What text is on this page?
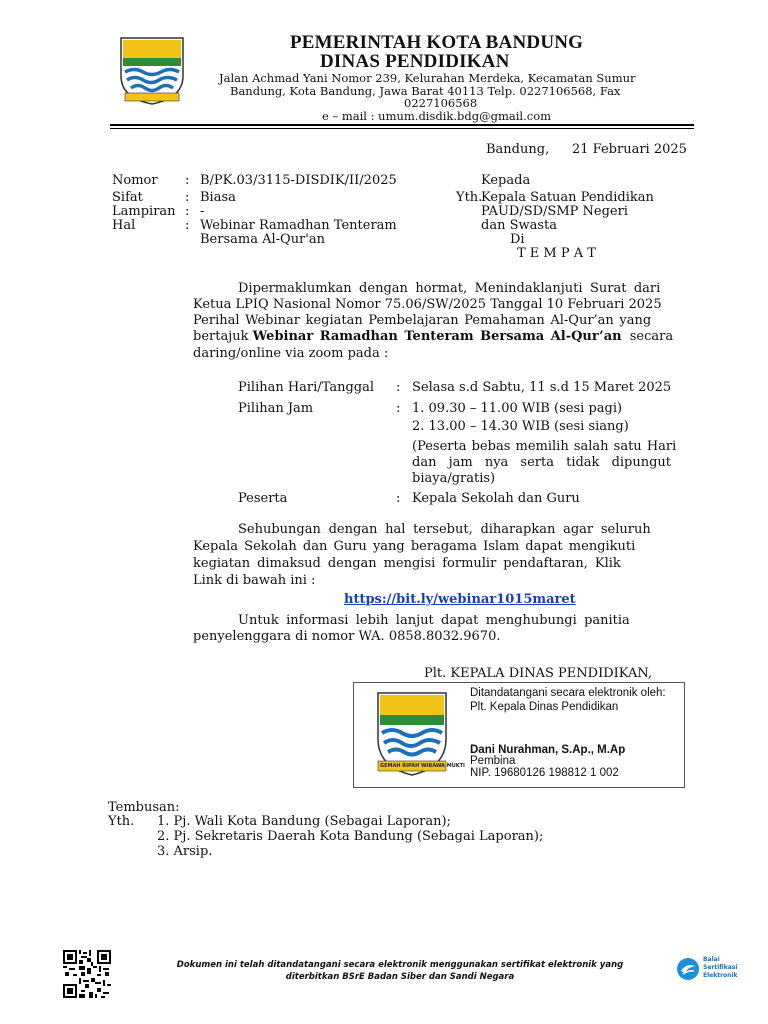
PEMERINTAH KOTA BANDUNG
DINAS PENDIDIKAN
Jalan Achmad Yani Nomor 239, Kelurahan Merdeka, Kecamatan Sumur
Bandung, Kota Bandung, Jawa Barat 40113 Telp. 0227106568, Fax
0227106568
e – mail : umum.disdik.bdg@gmail.com
Bandung, 21 Februari 2025
Nomor : B/PK.03/3115-DISDIK/II/2025
Sifat	: Biasa
Lampiran : -
Hal	: Webinar Ramadhan Tenteram
Bersama Al-Qur'an
Kepada
Yth.
Kepala Satuan Pendidikan
PAUD/SD/SMP Negeri
dan Swasta
Di
T E M P A T
Dipermaklumkan dengan hormat, Menindaklanjuti Surat dari
Ketua LPIQ Nasional Nomor 75.06/SW/2025 Tanggal 10 Februari 2025
Perihal Webinar kegiatan Pembelajaran Pemahaman Al-Qur’an yang
bertajuk Webinar Ramadhan Tenteram Bersama Al-Qur’an secara
daring/online via zoom pada :
Pilihan Hari/Tanggal : Selasa s.d Sabtu, 11 s.d 15 Maret 2025
Pilihan Jam	: 1. 09.30 – 11.00 WIB (sesi pagi)
2. 13.00 – 14.30 WIB (sesi siang)
(Peserta bebas memilih salah satu Hari
dan jam nya serta tidak dipungut
biaya/gratis)
Peserta	: Kepala Sekolah dan Guru
Sehubungan dengan hal tersebut, diharapkan agar seluruh
Kepala Sekolah dan Guru yang beragama Islam dapat mengikuti
kegiatan dimaksud dengan mengisi formulir pendaftaran, Klik
Link di bawah ini :
https://bit.ly/webinar1015maret
Untuk informasi lebih lanjut dapat menghubungi panitia
penyelenggara di nomor WA. 0858.8032.9670.
Plt. KEPALA DINAS PENDIDIKAN,
GEMAH RIPAH WIBAWA MUKTI
Ditandatangani secara elektronik oleh:
Plt. Kepala Dinas Pendidikan
Dani Nurahman, S.Ap., M.Ap
Pembina
NIP. 19680126 198812 1 002
Tembusan:
Yth. 1. Pj. Wali Kota Bandung (Sebagai Laporan);
2. Pj. Sekretaris Daerah Kota Bandung (Sebagai Laporan);
3. Arsip.
Dokumen ini telah ditandatangani secara elektronik menggunakan sertifikat elektronik yang
diterbitkan BSrE Badan Siber dan Sandi Negara
Balai
Sertifikasi
Elektronik
